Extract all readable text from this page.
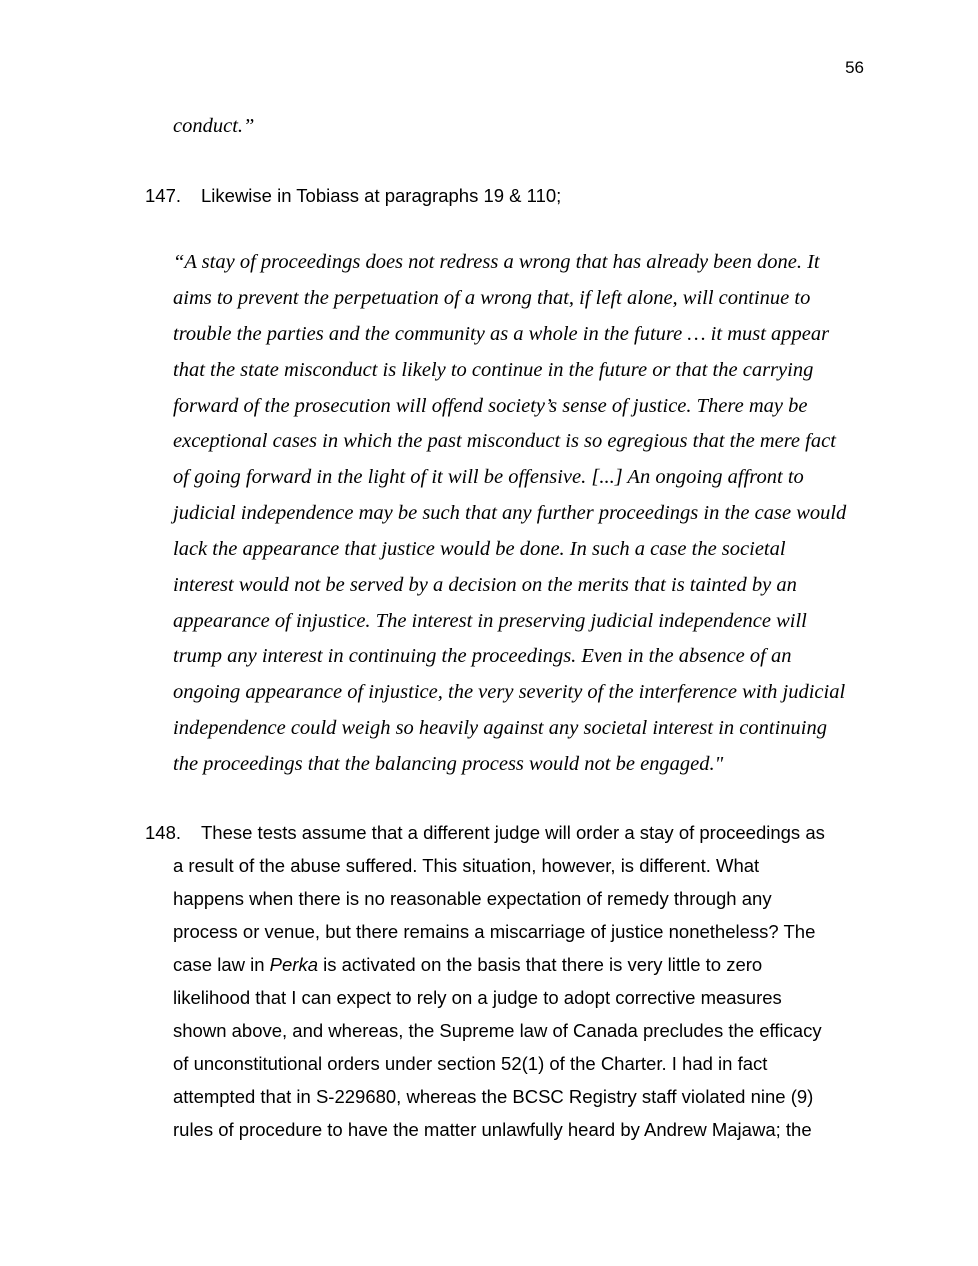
56

conduct.”

147. Likewise in Tobiass at paragraphs 19 & 110;

“A stay of proceedings does not redress a wrong that has already been done. It

aims to prevent the perpetuation of a wrong that, if left alone, will continue to

trouble the parties and the community as a whole in the future … it must appear

that the state misconduct is likely to continue in the future or that the carrying

forward of the prosecution will offend society’s sense of justice. There may be

exceptional cases in which the past misconduct is so egregious that the mere fact

of going forward in the light of it will be offensive. [...] An ongoing affront to

judicial independence may be such that any further proceedings in the case would

lack the appearance that justice would be done. In such a case the societal

interest would not be served by a decision on the merits that is tainted by an

appearance of injustice. The interest in preserving judicial independence will

trump any interest in continuing the proceedings. Even in the absence of an

ongoing appearance of injustice, the very severity of the interference with judicial

independence could weigh so heavily against any societal interest in continuing

the proceedings that the balancing process would not be engaged."

148. These tests assume that a different judge will order a stay of proceedings as

a result of the abuse suffered. This situation, however, is different. What

happens when there is no reasonable expectation of remedy through any

process or venue, but there remains a miscarriage of justice nonetheless? The

case law in Perka is activated on the basis that there is very little to zero

likelihood that I can expect to rely on a judge to adopt corrective measures

shown above, and whereas, the Supreme law of Canada precludes the efficacy

of unconstitutional orders under section 52(1) of the Charter. I had in fact

attempted that in S-229680, whereas the BCSC Registry staff violated nine (9)

rules of procedure to have the matter unlawfully heard by Andrew Majawa; the
